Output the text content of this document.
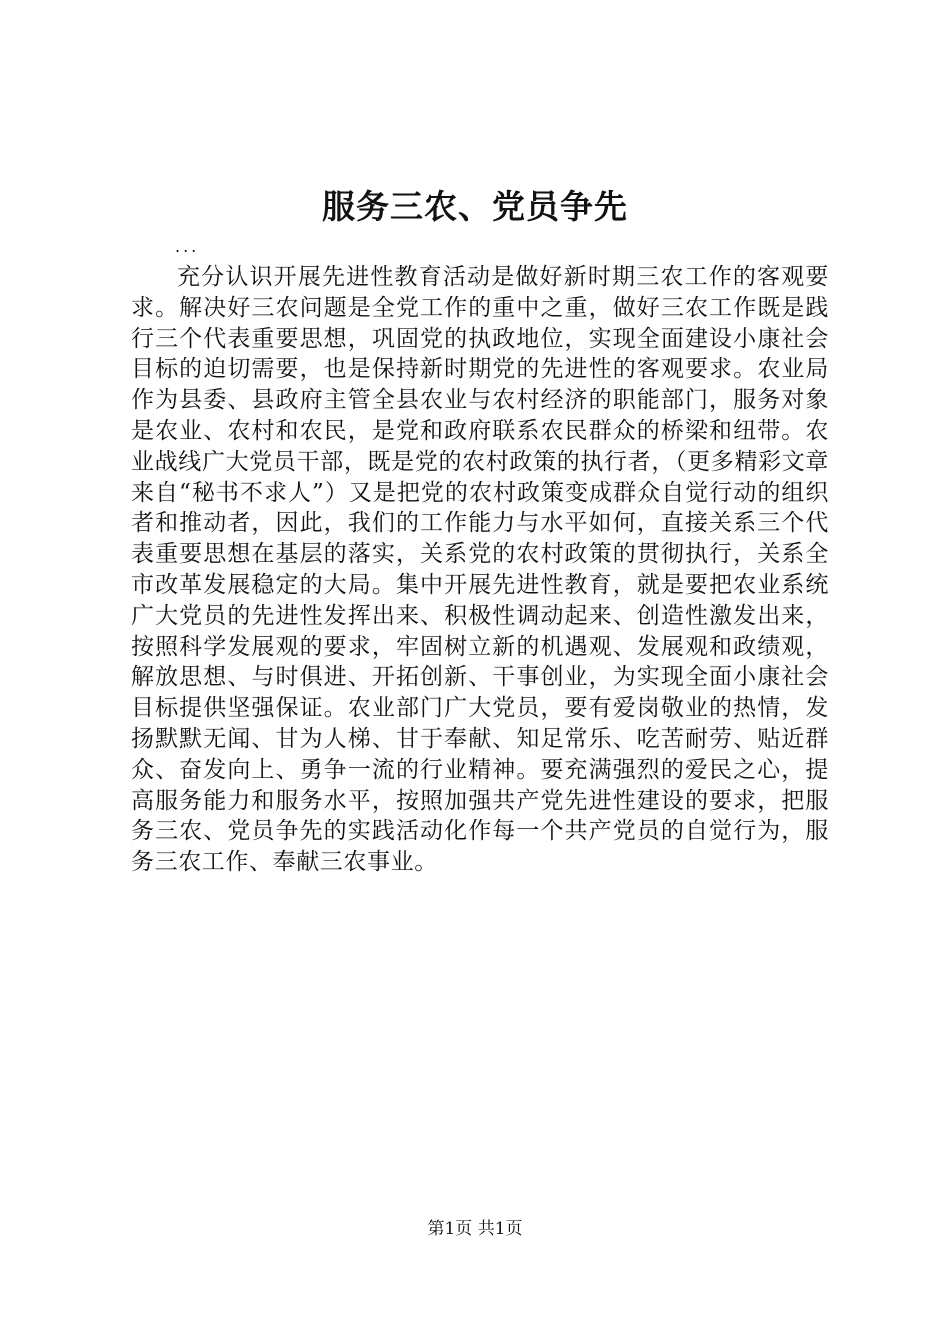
服务三农、党员争先
...

充分认识开展先进性教育活动是做好新时期三农工作的客观要求。解决好三农问题是全党工作的重中之重，做好三农工作既是践行三个代表重要思想，巩固党的执政地位，实现全面建设小康社会目标的迫切需要，也是保持新时期党的先进性的客观要求。农业局作为县委、县政府主管全县农业与农村经济的职能部门，服务对象是农业、农村和农民，是党和政府联系农民群众的桥梁和纽带。农业战线广大党员干部，既是党的农村政策的执行者，（更多精彩文章来自“秘书不求人”）又是把党的农村政策变成群众自觉行动的组织者和推动者，因此，我们的工作能力与水平如何，直接关系三个代表重要思想在基层的落实，关系党的农村政策的贯彻执行，关系全市改革发展稳定的大局。集中开展先进性教育，就是要把农业系统广大党员的先进性发挥出来、积极性调动起来、创造性激发出来，按照科学发展观的要求，牢固树立新的机遇观、发展观和政绩观，解放思想、与时俱进、开拓创新、干事创业，为实现全面小康社会目标提供坚强保证。农业部门广大党员，要有爱岗敬业的热情，发扬默默无闻、甘为人梯、甘于奉献、知足常乐、吃苦耐劳、贴近群众、奋发向上、勇争一流的行业精神。要充满强烈的爱民之心，提高服务能力和服务水平，按照加强共产党先进性建设的要求，把服务三农、党员争先的实践活动化作每一个共产党员的自觉行为，服务三农工作、奉献三农事业。

第1页 共1页
